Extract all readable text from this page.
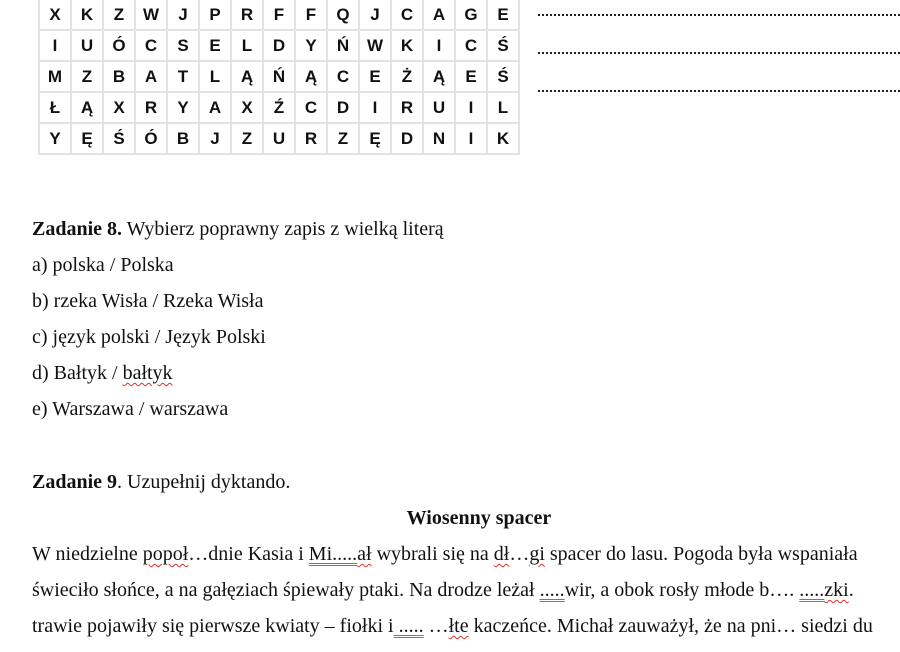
X	K	Z	W	J	P	R	F	F	Q	J	C	A	G	E
I	U	Ó	C	S	E	L	D	Y	Ń	W	K	I	C	Ś
M	Z	B	A	T	L	Ą	Ń	Ą	C	E	Ż	Ą	E	Ś
Ł	Ą	X	R	Y	A	X	Ź	C	D	I	R	U	I	L
Y	Ę	Ś	Ó	B	J	Z	U	R	Z	Ę	D	N	I	K
Zadanie 8. Wybierz poprawny zapis z wielką literą
a) polska / Polska
b) rzeka Wisła / Rzeka Wisła
c) język polski / Język Polski
d) Bałtyk / bałtyk
e) Warszawa / warszawa
Zadanie 9. Uzupełnij dyktando.
Wiosenny spacer
W niedzielne popoł…dnie Kasia i Mi.....ał wybrali się na dł…gi spacer do lasu. Pogoda była wspaniała
świeciło słońce, a na gałęziach śpiewały ptaki. Na drodze leżał .....wir, a obok rosły młode b…. .....zki.
trawie pojawiły się pierwsze kwiaty – fiołki i ..... …łte kaczeńce. Michał zauważył, że na pni… siedzi du
